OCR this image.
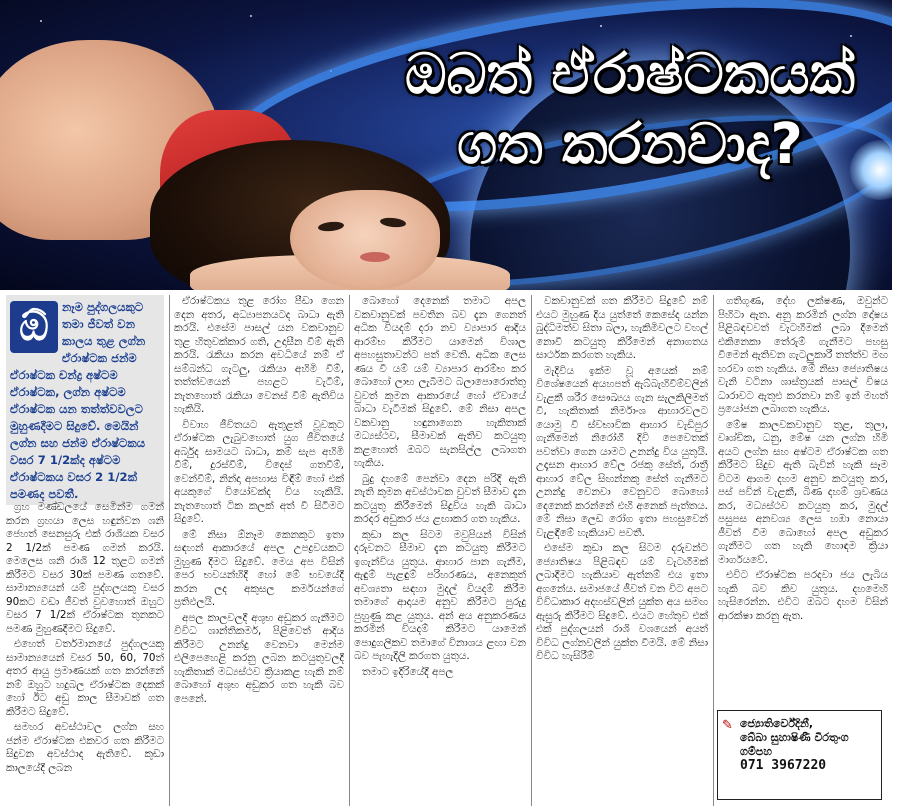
ඔබත් ඒරාෂ්ටකයක්
ගත කරනවාද?
ඕ	නෑම පුද්ගලයකුට තමා ජීවත් වන කාලය තුළ ලග්න ඒරාෂ්ටක ජන්ම ඒරාෂ්ටක චන්ද්‍ර අෂ්ටම ඒරාෂ්ටක, ලග්න අෂ්ටම ඒරාෂ්ටක යන තත්ත්වවලට මුහුණදීමට සිදුවේ. මෙයින් ලග්න සහ ජන්ම ඒරාෂ්ටකය වසර 7 1/2ක්ද අෂ්ටම ඒරාෂ්ටකය වසර 2 1/2ක් පමණද පවතී.

ග්‍රහ මණ්ඩලයේ සෙමින්ම ගමන් කරන ග්‍රහයා ලෙස හඳුන්වන ශනි ජෙහත් සෙනසුරු එක් රාශියක වසර 2 1/2ක් පමණ ගමන් කරයි. මෙලෙස ශනි රාශි 12 තුළට ගමන් කිරීමට වසර 30ක් පමණ ගතවේ. සාමාන්‍යයෙන් යම් පුද්ගලයකු වසර 90කට වඩා ජීවත් වුවහොත් ඔහුට වසර 7 1/2ක් ඒරාෂ්ටක තුනකට පමණ මුහුණදීමට සිදුවේ.

එහෙත් වර්තමානයේ පුද්ගලයකු සාමාන්‍යයෙන් වසර 50, 60, 70ත් අතර ආයු ප්‍රමාණයක් ගත කරන්නේ නම් ඔහුට හදුබල ඒරාෂ්ටක දෙකක් හෝ ඊට අඩු කාල සීමාවක් ගත කිරීමට සිදුවේ.

සමහර අවස්ථාවල ලග්න සහ ජන්ම ඒරාෂ්ටක එකවර ගත කිරීමට සිදුවන අවස්ථාද ඇතිවේ. කුඩා කාලයේදී ලබන

ඒරාෂ්ටකය තුළ රෝග පීඩා ගෙන දෙන අතර, අධ්‍යාපනයටද බාධා ඇති කරයි. එසේම පාසල් යන වකවානුව තුළ හිතුවක්කාර ගති, උදාසීන වීම් ඇති කරයි. රැකියා කරන අවධියේ නම් ඒ සම්බන්ධ ගැටලු, රැකියා අහිමි වීම්, තත්ත්වයෙන් පහළට වැටීම්, නැතහොත් රැකියා වෙනස් වීම් ඇතිවිය හැකියි.

විවාහ ජීවිතයට ඇතුළත් වූවකුට ඒරාෂ්ටක ලැබුවහොත් යුග ජීවිතයේ අර්බුද සාමයට බාධා, කම් සැප අහිමි වීම්, දුරස්වීම්, විදෙස් ගතවීම්, වෙන්වීම්, නින්දා අපහාස විඳීම් හෝ එක් අයකුගේ වියෝවක්ද විය හැකියි. නැතහොත් ටික කලක් අත් වී සිටීමට සිදුවේ.

මේ නිසා ඕනෑම කෙනකුට ඉතා සඳහන් ආකාරයේ අපල උපද්‍රවයකට මුහුණ දීමට සිදුවේ. මෙය අප විසින් පෙර භවයන්හිදී හෝ මේ භවයේදී කරන ලද අකුසල කර්මයන්ගේ ප්‍රතිඵලයි.

අපල කාලවලදී අශුභ අඩුකර ගැනීමට විවිධ ශාන්තිකර්ම, පිළිවෙත් ආදිය කිරීමට උනන්දු වෙනවා මෙන්ම එලිපෙහෙළි කරනු ලබන කටයුතුවලදී හැකිතාක් මධ්‍යස්ථව ක්‍රියාකළ හැකි නම් බොහෝ අශුභ අඩුකර ගත හැකි බව පෙනේ.

බොහෝ දෙනෙක් තමාට අපල වකවානුවක් පවතින බව දැන ගෙනත් අධික වියදම් දරා නව ව්‍යාපාර ආදිය ආරම්භ කිරීමට යාමෙන් විශාල අපහසුතාවන්ට පත් වෙති. අධික ලෙස ණය වී යම් යම් ව්‍යාපාර ආරම්භ කර බොහෝ ලාභ ලැබීමට බලාපොරොත්තු වුවත් කුමන ආකාරයේ හෝ ඒවායේ බාධා වැටීමක් සිදුවේ. මේ නිසා අපල වකවානු හඳුනාගෙන හැකිතාක් මධ්‍යස්ථව, සීමාවක් ඇතිව කටයුතු කළහොත් ඔබට සැනසිල්ල ලබාගත හැකිය.

බුදු දහමේ පෙන්වා දෙන පරිදි ඇති නැති කුමන අවස්ථාවක වුවත් සීමාව දැන කටයුතු කිරීමෙන් සිදුවිය හැකි බාධා කරදර අඩුකර ජය ළඟාකර ගත හැකිය.

කුඩා කල සිටම මවුපියන් විසින් දරුවනට සීමාව දැන කටයුතු කිරීමට ඉගැන්විය යුතුය. ආහාර පාන ගැනීම, ඇඳුම් පැළඳුම් පරිහරණය, අනෙකුත් අවශ්‍යතා සඳහා මුදල් වියදම් කිරීම තමාගේ ආදායම අනුව කිරීමට පුරුදු පුහුණු කළ යුතුය. අන් අය අනුකරණය කරමින් වියදම් කිරීමට යාමෙන් පොදුගලිකව තමාගේ විනාශය ළඟා වන බව පැහැදිලි කරගත යුතුය.

තමාට ඉදිරියේදී අපල

වකවානුවක් ගත කිරීමට සිදුවේ නම් එයට මුහුණ දිය යුත්තේ කෙසේද යන්න බුද්ධිමත්ව සිතා බලා, හැකිමිවලට වහල් නොවී කටයුතු කිරීමෙන් අනාගතය සාර්ථක කරගත හැකිය.

මැදිවිය ඉක්ම වූ අයෙක් නම් විශේෂයෙන් අයහපත් ඇබ්බැහිවීම්වලින් වැළකී ශරීර සෞඛ්‍යය ගැන සැලකිලිමත් වී, හැකිතාක් නිර්මාංශ ආහාරවලට යොමු වී ස්වභාවික ආහාර වැඩිපුර ගැනීමෙන් නිරෝගී දිවි පෙවෙතක් පවත්වා ගෙන යාමට උනන්දු විය යුතුයි. උදෑසන ආහාර වේල රජකු සේත්, රාත්‍රී ආහාර වේල සිඟන්නකු සේත් ගැනීමට උනන්දු වෙනවා වෙනුවට බොහෝ දෙනෙක් කරන්නේ එහි අනෙක් පැත්තය. මේ නිසා ලෙඩ රෝග ඉතා පහසුවෙන් වැළඳීමේ හැකියාව පවතී.

එසේම කුඩා කල සිටම දරුවන්ට ජ්‍යොතිෂය පිළිබඳව යම් වැටහීමක් ලබාදීමට හැකියාව ඇත්නම් එය ඉතා අගනේය. සමාජයේ ජීවත් වන විට අපට විවිධාකාර අදහස්වලින් යුක්ත අය සමඟ ඇසුරු කිරීමට සිදුවේ. එයට හේතුව එක් එක් පුද්ගලයන් රාශි වශයෙන් අයත් විවිධ ලග්නවලින් යුක්ත වීමයි. මේ නිසා විවිධ හැසිරීම්

ගතිගුණ, දේහ ලක්ෂණ, ඔවුන්ට පිහිටා ඇත. අනු කරමින් ලග්න දෝෂය පිළිබඳවවත් වැටහීමක් ලබා දීමෙන් එකිනෙකා තේරුම් ගැනීමට පහසු වීමෙන් ඇතිවන ගැටලුකාරී තත්ත්ව මඟ හරවා ගත හැකිය. මේ නිසා ජ්‍යොතිෂය වැනි වටිනා ශාස්ත්‍රයක් පාසල් විෂය ධාරාවට ඇතුළු කරනවා නම් ඉන් මහත් ප්‍රයෝජන ලබාගත හැකිය.

මේෂ කාලවකවානුව තුළ, තුලා, වෘශ්චික, ධනු, මේෂ යන ලග්න හිමි අයට ලග්න සහ අෂ්ටම ඒරාෂ්ටක ගත කිරීමට සිදුව ඇති බැවින් හැකි සෑම විටම ආගම දහම අනුව කටයුතු කර, පස් පවින් වැළකී, බිණ දහම් ශ්‍රවණය කර, මධ්‍යස්ථව කටයුතු කර, මුදල් පසුපස අනවශ්‍ය ලෙස හඹා නොයා ජීවත් වීම බොහෝ අපල අඩුකර ගැනීමට ගත හැකි හොඳම ක්‍රියා මාර්ගයවේ.

එවිට ඒරාෂ්ටක පරදවා ජය ලැබිය හැකි බව කිව යුතුය. දහමෙහි හැසිරෙන්න. එවිට ඔබට දහම විසින් ආරක්ෂා කරනු ඇත.

✎ ජ්‍යොතිර්වේදිනී,
බේබා සුහාෂිණී වීරතුංග
ගම්පහ
071 3967220
